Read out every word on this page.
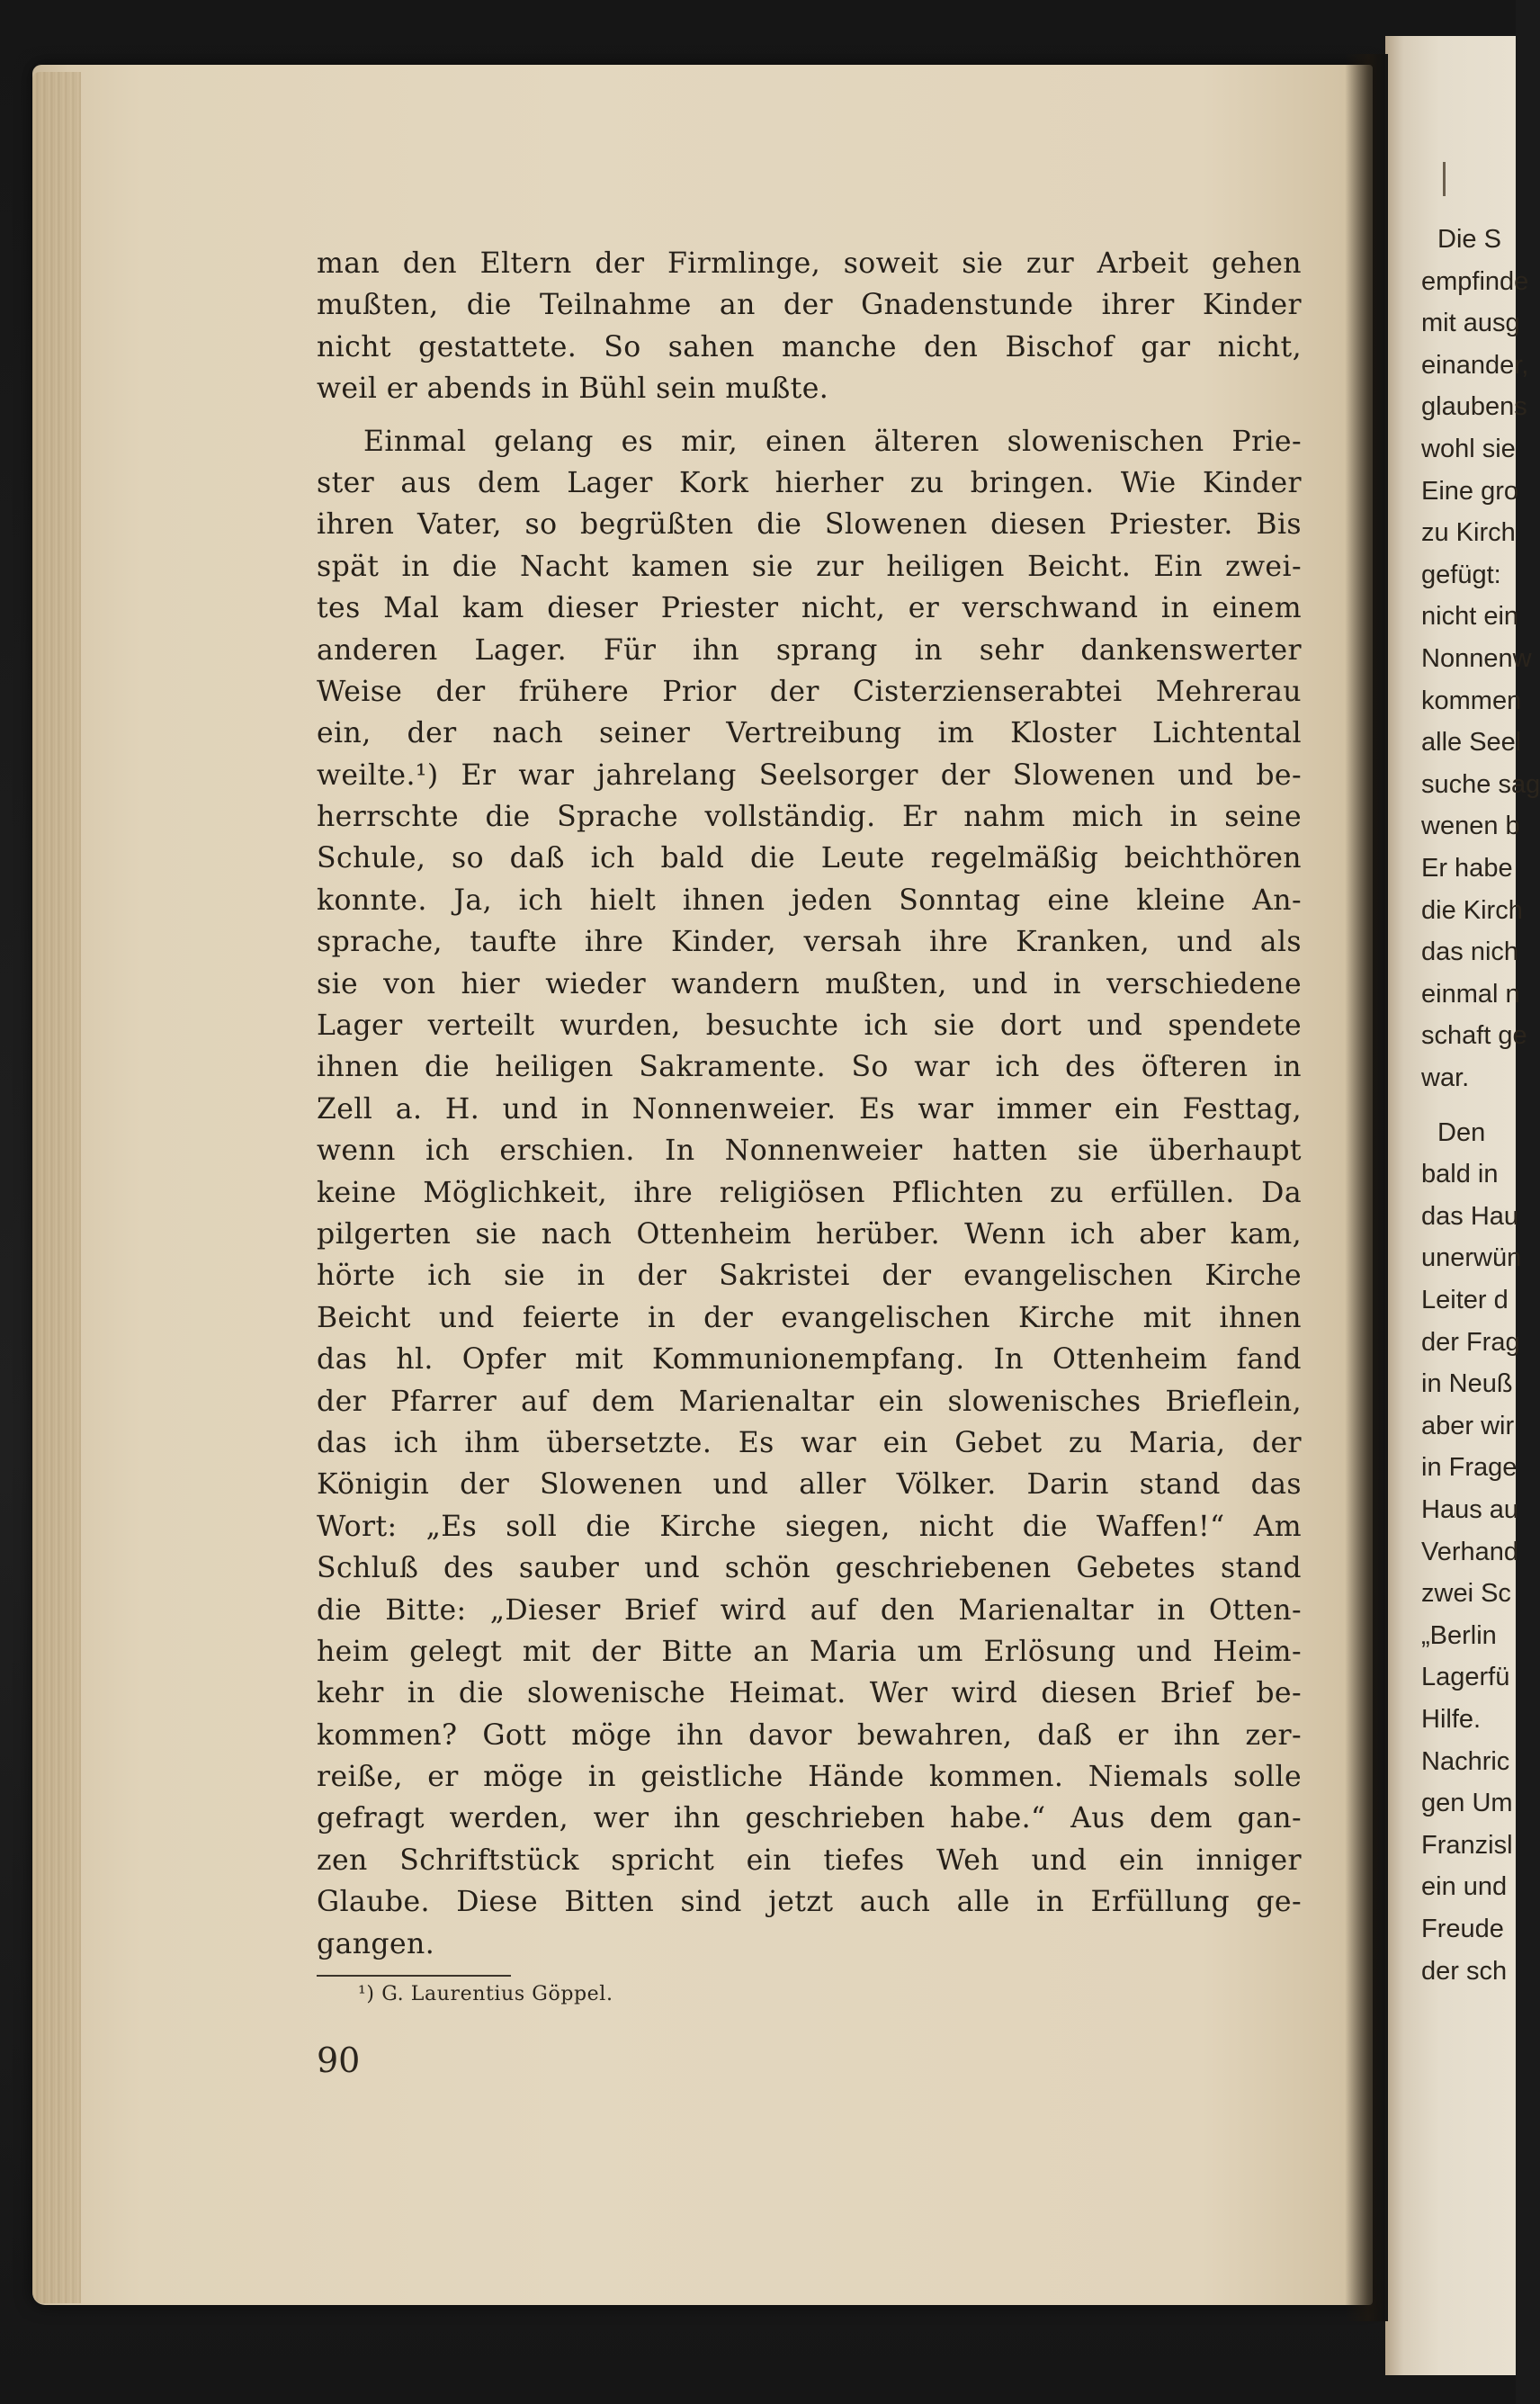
man den Eltern der Firmlinge, soweit sie zur Arbeit gehen
mußten, die Teilnahme an der Gnadenstunde ihrer Kinder
nicht gestattete. So sahen manche den Bischof gar nicht,
weil er abends in Bühl sein mußte.
Einmal gelang es mir, einen älteren slowenischen Prie-
ster aus dem Lager Kork hierher zu bringen. Wie Kinder
ihren Vater, so begrüßten die Slowenen diesen Priester. Bis
spät in die Nacht kamen sie zur heiligen Beicht. Ein zwei-
tes Mal kam dieser Priester nicht, er verschwand in einem
anderen Lager. Für ihn sprang in sehr dankenswerter
Weise der frühere Prior der Cisterzienserabtei Mehrerau
ein, der nach seiner Vertreibung im Kloster Lichtental
weilte.¹) Er war jahrelang Seelsorger der Slowenen und be-
herrschte die Sprache vollständig. Er nahm mich in seine
Schule, so daß ich bald die Leute regelmäßig beichthören
konnte. Ja, ich hielt ihnen jeden Sonntag eine kleine An-
sprache, taufte ihre Kinder, versah ihre Kranken, und als
sie von hier wieder wandern mußten, und in verschiedene
Lager verteilt wurden, besuchte ich sie dort und spendete
ihnen die heiligen Sakramente. So war ich des öfteren in
Zell a. H. und in Nonnenweier. Es war immer ein Festtag,
wenn ich erschien. In Nonnenweier hatten sie überhaupt
keine Möglichkeit, ihre religiösen Pflichten zu erfüllen. Da
pilgerten sie nach Ottenheim herüber. Wenn ich aber kam,
hörte ich sie in der Sakristei der evangelischen Kirche
Beicht und feierte in der evangelischen Kirche mit ihnen
das hl. Opfer mit Kommunionempfang. In Ottenheim fand
der Pfarrer auf dem Marienaltar ein slowenisches Brieflein,
das ich ihm übersetzte. Es war ein Gebet zu Maria, der
Königin der Slowenen und aller Völker. Darin stand das
Wort: „Es soll die Kirche siegen, nicht die Waffen!“ Am
Schluß des sauber und schön geschriebenen Gebetes stand
die Bitte: „Dieser Brief wird auf den Marienaltar in Otten-
heim gelegt mit der Bitte an Maria um Erlösung und Heim-
kehr in die slowenische Heimat. Wer wird diesen Brief be-
kommen? Gott möge ihn davor bewahren, daß er ihn zer-
reiße, er möge in geistliche Hände kommen. Niemals solle
gefragt werden, wer ihn geschrieben habe.“ Aus dem gan-
zen Schriftstück spricht ein tiefes Weh und ein inniger
Glaube. Diese Bitten sind jetzt auch alle in Erfüllung ge-
gangen.
¹) G. Laurentius Göppel.
90
Die S
empfinde
mit ausg
einander,
glaubens
wohl sie
Eine gro
zu Kirch
gefügt:
nicht ein
Nonnenw
kommen
alle Seel
suche sag
wenen b
Er habe
die Kirch
das nich
einmal n
schaft ge
war.
Den
bald in
das Hau
unerwün
Leiter d
der Frag
in Neuß
aber wir
in Frage
Haus au
Verhand
zwei Sc
„Berlin
Lagerfü
Hilfe.
Nachric
gen Um
Franzisl
ein und
Freude
der sch
